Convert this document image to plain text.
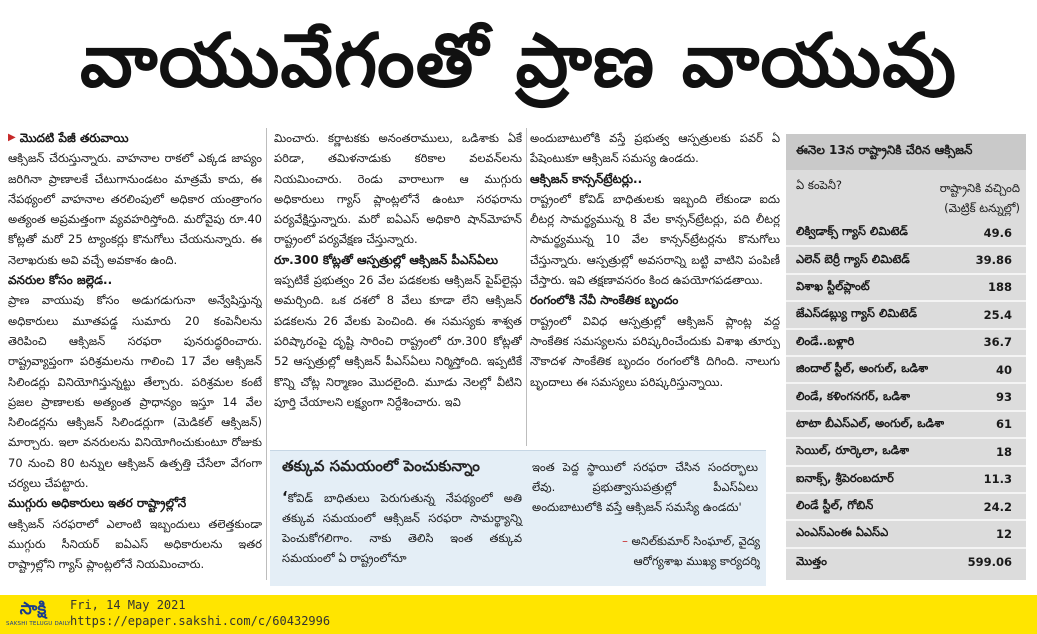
వాయువేగంతో ప్రాణ వాయువు
▶ మొదటి పేజీ తరువాయి

ఆక్సిజన్‌ చేరుస్తున్నారు. వాహనాల రాకలో ఎక్కడ జాప్యం జరిగినా ప్రాణాలకే చేటుగానుండటం మాత్రమే కాదు, ఈ నేపథ్యంలో వాహనాల తరలింపులో అధికార యంత్రాంగం అత్యంత అప్రమత్తంగా వ్యవహరిస్తోంది. మరోవైపు రూ.40 కోట్లతో మరో 25 ట్యాంకర్లు కొనుగోలు చేయనున్నారు. ఈ నెలాఖరుకు అవి వచ్చే అవకాశం ఉంది.

వనరుల కోసం జల్లెడ..

ప్రాణ వాయువు కోసం అడుగడుగునా అన్వేషిస్తున్న అధికారులు మూతపడ్డ సుమారు 20 కంపెనీలను తెరిపించి ఆక్సిజన్ సరఫరా పునరుద్ధరించారు. రాష్ట్రవ్యాప్తంగా పరిశ్రమలను గాలించి 17 వేల ఆక్సిజన్ సిలిండర్లు వినియోగిస్తున్నట్టు తేల్చారు. పరిశ్రమల కంటే ప్రజల ప్రాణాలకు అత్యంత ప్రాధాన్యం ఇస్తూ 14 వేల సిలిండర్లను ఆక్సిజన్ సిలిండర్లుగా (మెడికల్ ఆక్సిజన్‌) మార్చారు. ఇలా వనరులను వినియోగించుకుంటూ రోజుకు 70 నుంచి 80 టన్నుల ఆక్సిజన్ ఉత్పత్తి చేసేలా వేగంగా చర్యలు చేపట్టారు.

ముగ్గురు అధికారులు ఇతర రాష్ట్రాల్లోనే

ఆక్సిజన్ సరఫరాలో ఎలాంటి ఇబ్బందులు తలెత్తకుండా ముగ్గురు సీనియర్ ఐఏఎస్ అధికారులను ఇతర రాష్ట్రాల్లోని గ్యాస్ ప్లాంట్లలోనే నియమించారు.

మించారు. కర్ణాటకకు అనంతరాములు, ఒడిశాకు ఏకే పరిడా, తమిళనాడుకు కరికాల వలవన్‌లను నియమించారు. రెండు వారాలుగా ఆ ముగ్గురు అధికారులు గ్యాస్ ప్లాంట్లలోనే ఉంటూ సరఫరాను పర్యవేక్షిస్తున్నారు. మరో ఐఏఎస్ అధికారి షాన్‌మోహన్ రాష్ట్రంలో పర్యవేక్షణ చేస్తున్నారు.

రూ.300 కోట్లతో ఆస్పత్రుల్లో ఆక్సిజన్‌ పీఎస్‌ఏలు

ఇప్పటికే ప్రభుత్వం 26 వేల పడకలకు ఆక్సిజన్ పైప్‌లైన్లు అమర్చింది. ఒక దశలో 8 వేలు కూడా లేని ఆక్సిజన్ పడకలను 26 వేలకు పెంచింది. ఈ సమస్యకు శాశ్వత పరిష్కారంపై దృష్టి సారించి రాష్ట్రంలో రూ.300 కోట్లతో 52 ఆస్పత్రుల్లో ఆక్సిజన్ పీఎస్‌ఏలు నిర్మిస్తోంది. ఇప్పటికే కొన్ని చోట్ల నిర్మాణం మొదలైంది. మూడు నెలల్లో వీటిని పూర్తి చేయాలని లక్ష్యంగా నిర్దేశించారు. ఇవి

అందుబాటులోకి వస్తే ప్రభుత్వ ఆస్పత్రులకు పవర్ ఏ పేషెంటుకూ ఆక్సిజన్ సమస్య ఉండదు.

ఆక్సిజన్ కాన్సన్‌ట్రేటర్లు..

రాష్ట్రంలో కోవిడ్ బాధితులకు ఇబ్బంది లేకుండా ఐదు లీటర్ల సామర్థ్యమున్న 8 వేల కాన్సన్‌ట్రేటర్లు, పది లీటర్ల సామర్థ్యమున్న 10 వేల కాన్సన్‌ట్రేటర్లను కొనుగోలు చేస్తున్నారు. ఆస్పత్రుల్లో అవసరాన్ని బట్టి వాటిని పంపిణీ చేస్తారు. ఇవి తక్షణావసరం కింద ఉపయోగపడతాయి.

రంగంలోకి నేవీ సాంకేతిక బృందం

రాష్ట్రంలో వివిధ ఆస్పత్రుల్లో ఆక్సిజన్ ప్లాంట్ల వద్ద సాంకేతిక సమస్యలను పరిష్కరించేందుకు విశాఖ తూర్పు నౌకాదళ సాంకేతిక బృందం రంగంలోకి దిగింది. నాలుగు బృందాలు ఈ సమస్యలు పరిష్కరిస్తున్నాయి.

తక్కువ సమయంలో పెంచుకున్నాం
‘కోవిడ్ బాధితులు పెరుగుతున్న నేపథ్యంలో అతి తక్కువ సమయంలో ఆక్సిజన్ సరఫరా సామర్థ్యాన్ని పెంచుకోగలిగాం. నాకు తెలిసి ఇంత తక్కువ సమయంలో ఏ రాష్ట్రంలోనూ
ఇంత పెద్ద స్థాయిలో సరఫరా చేసిన సందర్భాలు లేవు. ప్రభుత్వాసుపత్రుల్లో పీఎస్‌ఏలు అందుబాటులోకి వస్తే ఆక్సిజన్ సమస్యే ఉండదు'
– అనిల్‌కుమార్ సింఘాల్, వైద్య
ఆరోగ్యశాఖ ముఖ్య కార్యదర్శి
ఈనెల 13న రాష్ట్రానికి చేరిన ఆక్సిజన్
ఏ కంపెనీ?	రాష్ట్రానికి వచ్చింది (మెట్రిక్ టన్నుల్లో)
లిక్విడాక్స్ గ్యాస్ లిమిటెడ్	49.6
ఎలెన్ బెర్రీ గ్యాస్ లిమిటెడ్	39.86
విశాఖ స్టీల్‌ప్లాంట్	188
జేఎస్‌డబ్ల్యు గ్యాస్ లిమిటెడ్	25.4
లిండే..బళ్లారి	36.7
జిందాల్ స్టీల్, అంగుల్, ఒడిశా	40
లిండే, కళింగనగర్, ఒడిశా	93
టాటా బీఎస్‌ఎల్, అంగుల్, ఒడిశా	61
సెయిల్, రూర్కెలా, ఒడిశా	18
ఐనాక్స్, శ్రీపెరంబదూర్	11.3
లిండే స్టీల్, గోబిన్	24.2
ఎంఎస్ఎంఈ ఏఎస్ఎ	12
మొత్తం	599.06
సాక్షి
SAKSHI TELUGU DAILY
Fri, 14 May 2021
https://epaper.sakshi.com/c/60432996
